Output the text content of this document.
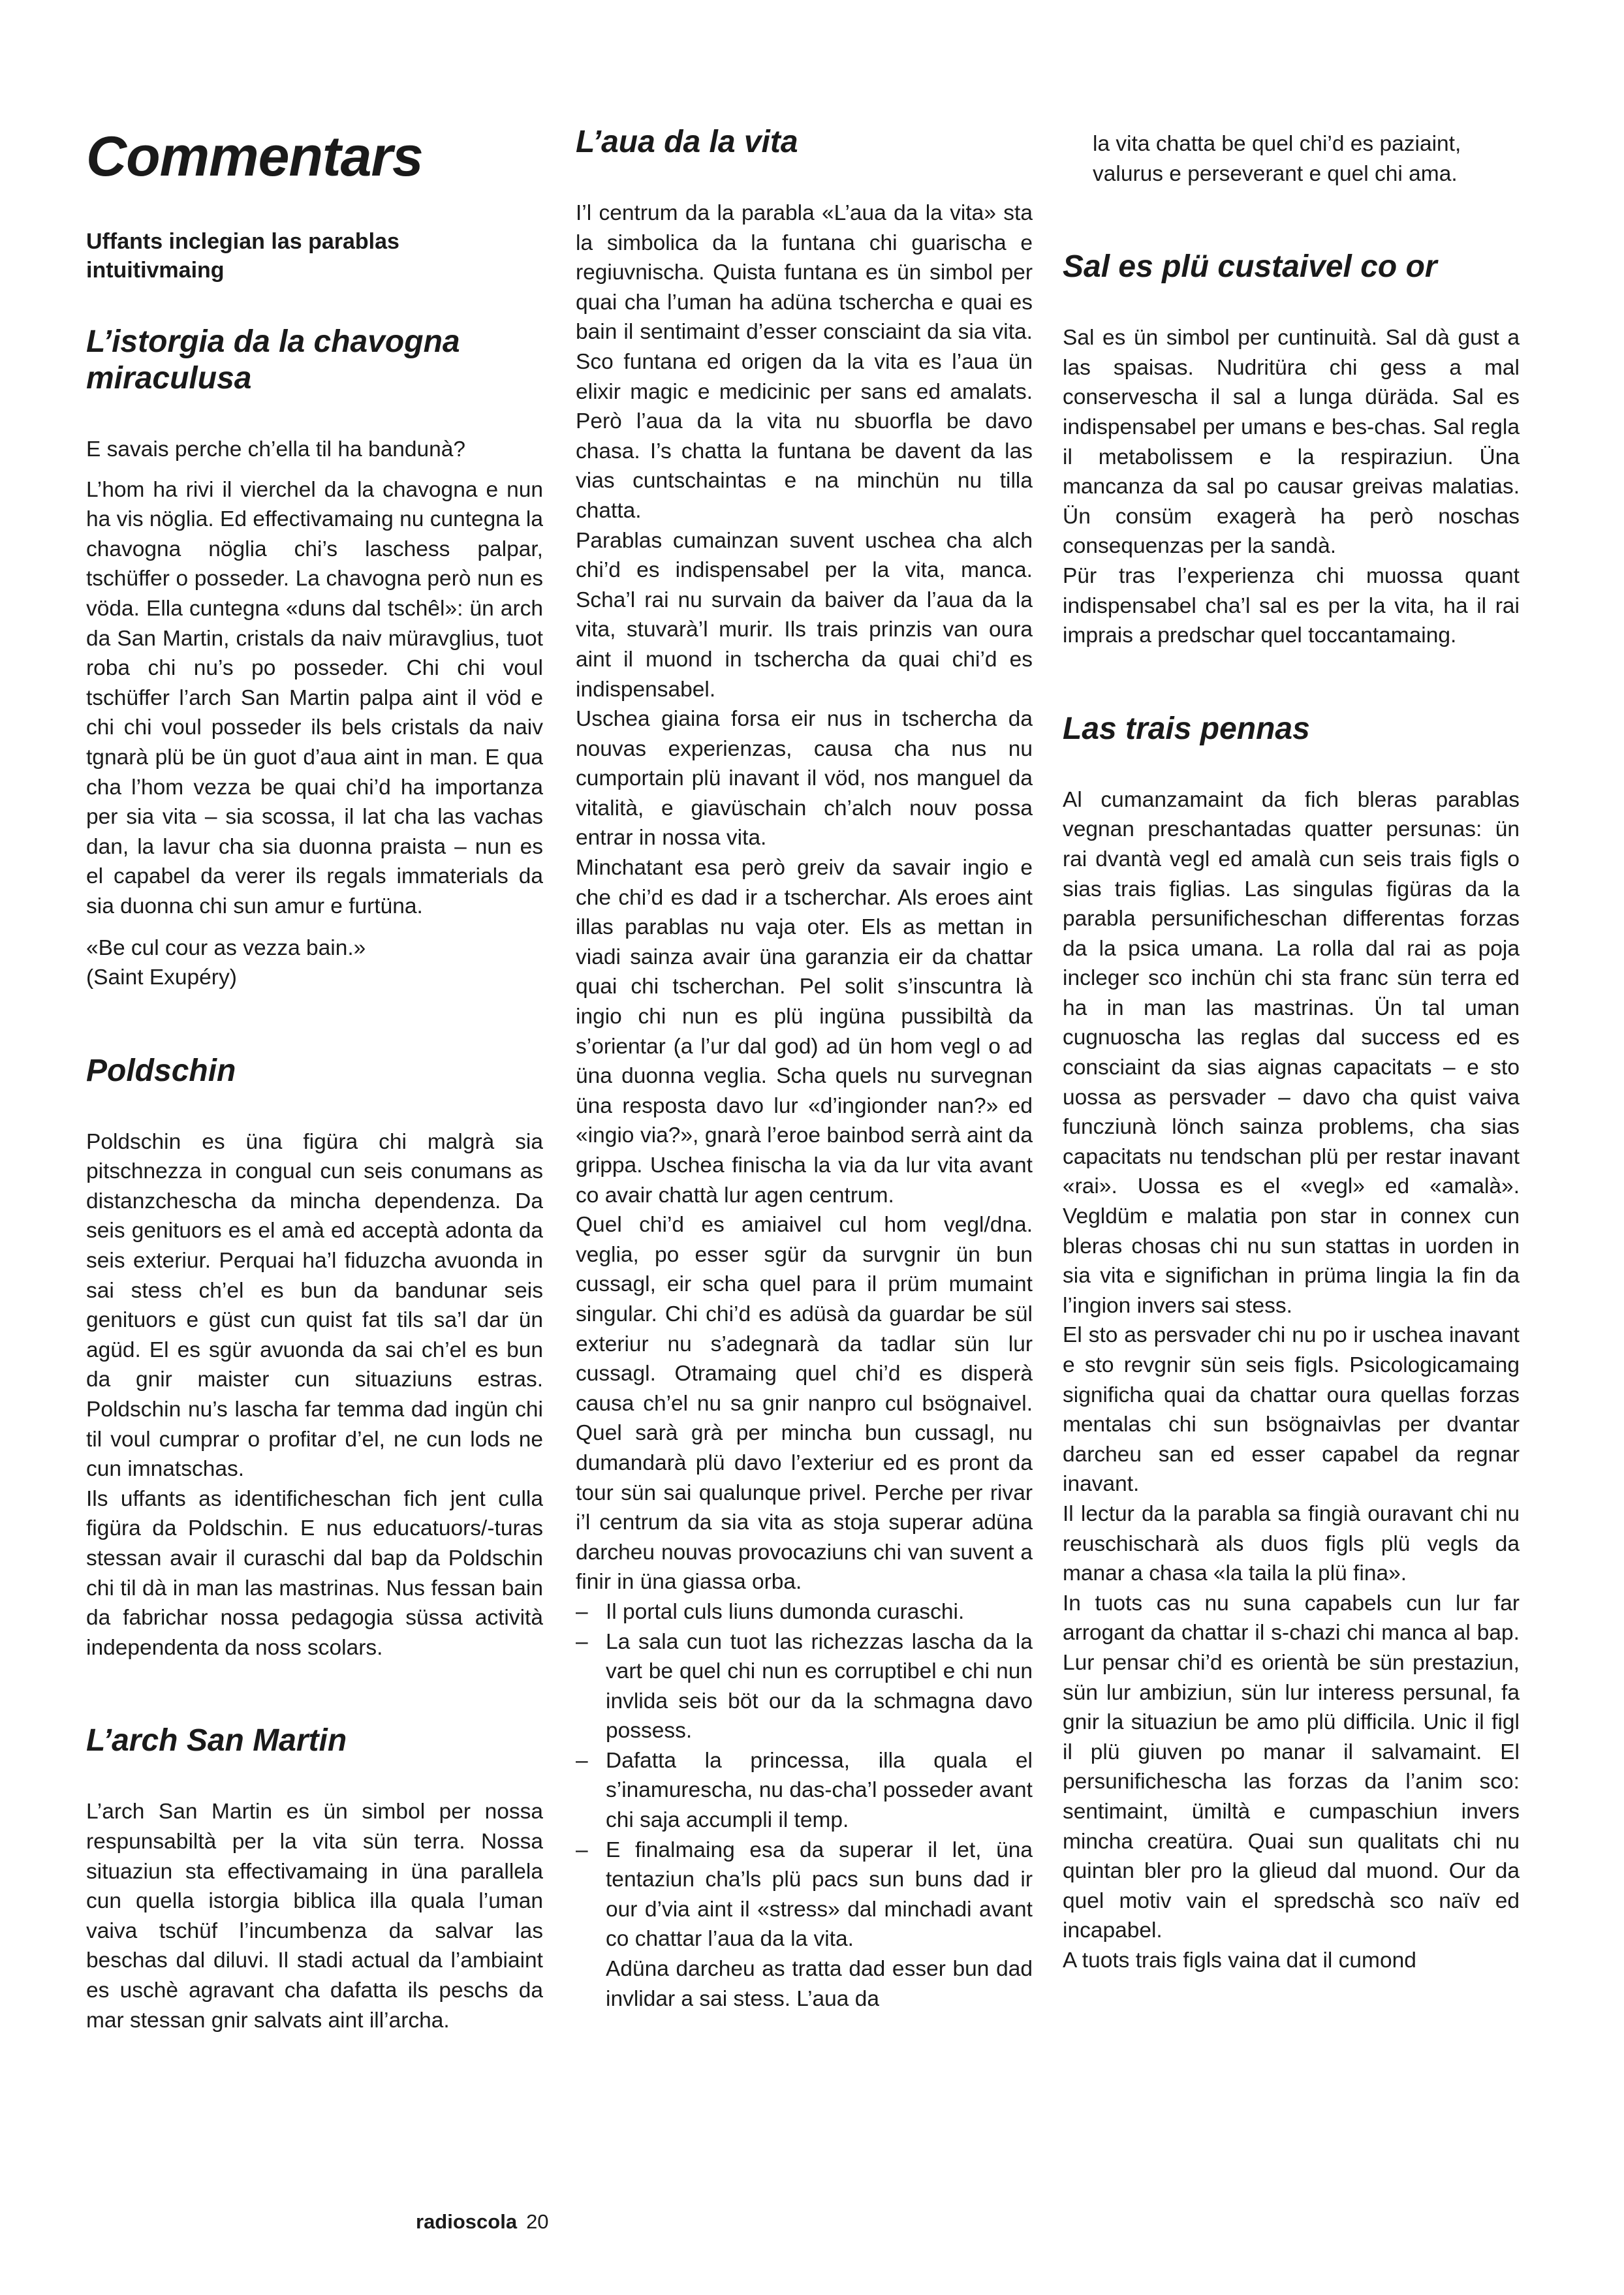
Commentars
Uffants inclegian las parablas intuitivmaing
L’istorgia da la chavogna miraculusa

E savais perche ch’ella til ha bandunà?

L’hom ha rivi il vierchel da la chavogna e nun ha vis nöglia. Ed effectivamaing nu cuntegna la chavogna nöglia chi’s laschess palpar, tschüffer o posseder. La chavogna però nun es vöda. Ella cuntegna «duns dal tschêl»: ün arch da San Martin, cristals da naiv müravglius, tuot roba chi nu’s po posseder. Chi chi voul tschüffer l’arch San Martin palpa aint il vöd e chi chi voul posseder ils bels cristals da naiv tgnarà plü be ün guot d’aua aint in man. E qua cha l’hom vezza be quai chi’d ha importanza per sia vita – sia scossa, il lat cha las vachas dan, la lavur cha sia duonna praista – nun es el capabel da verer ils regals immaterials da sia duonna chi sun amur e furtüna.

«Be cul cour as vezza bain.»
(Saint Exupéry)
Poldschin

Poldschin es üna figüra chi malgrà sia pitschnezza in congual cun seis conumans as distanzchescha da mincha dependenza. Da seis genituors es el amà ed acceptà adonta da seis exteriur. Perquai ha’l fiduzcha avuonda in sai stess ch’el es bun da bandunar seis genituors e güst cun quist fat tils sa’l dar ün agüd. El es sgür avuonda da sai ch’el es bun da gnir maister cun situaziuns estras. Poldschin nu’s lascha far temma dad ingün chi til voul cumprar o profitar d’el, ne cun lods ne cun imnatschas.

Ils uffants as identificheschan fich jent culla figüra da Poldschin. E nus educatuors/-turas stessan avair il curaschi dal bap da Poldschin chi til dà in man las mastrinas. Nus fessan bain da fabrichar nossa pedagogia süssa actività independenta da noss scolars.

L’arch San Martin

L’arch San Martin es ün simbol per nossa respunsabiltà per la vita sün terra. Nossa situaziun sta effectivamaing in üna parallela cun quella istorgia biblica illa quala l’uman vaiva tschüf l’incumbenza da salvar las beschas dal diluvi. Il stadi actual da l’ambiaint es uschè agravant cha dafatta ils peschs da mar stessan gnir salvats aint ill’archa.

L’aua da la vita

I’l centrum da la parabla «L’aua da la vita» sta la simbolica da la funtana chi guarischa e regiuvnischa. Quista funtana es ün simbol per quai cha l’uman ha adüna tschercha e quai es bain il sentimaint d’esser consciaint da sia vita. Sco funtana ed origen da la vita es l’aua ün elixir magic e medicinic per sans ed amalats. Però l’aua da la vita nu sbuorfla be davo chasa. I’s chatta la funtana be davent da las vias cuntschaintas e na minchün nu tilla chatta.

Parablas cumainzan suvent uschea cha alch chi’d es indispensabel per la vita, manca. Scha’l rai nu survain da baiver da l’aua da la vita, stuvarà’l murir. Ils trais prinzis van oura aint il muond in tschercha da quai chi’d es indispensabel.

Uschea giaina forsa eir nus in tschercha da nouvas experienzas, causa cha nus nu cumportain plü inavant il vöd, nos manguel da vitalità, e giavüschain ch’alch nouv possa entrar in nossa vita.

Minchatant esa però greiv da savair ingio e che chi’d es dad ir a tscherchar. Als eroes aint illas parablas nu vaja oter. Els as mettan in viadi sainza avair üna garanzia eir da chattar quai chi tscherchan. Pel solit s’inscuntra là ingio chi nun es plü ingüna pussibiltà da s’orientar (a l’ur dal god) ad ün hom vegl o ad üna duonna veglia. Scha quels nu survegnan üna resposta davo lur «d’ingionder nan?» ed «ingio via?», gnarà l’eroe bainbod serrà aint da grippa. Uschea finischa la via da lur vita avant co avair chattà lur agen centrum.

Quel chi’d es amiaivel cul hom vegl/dna. veglia, po esser sgür da survgnir ün bun cussagl, eir scha quel para il prüm mumaint singular. Chi chi’d es adüsà da guardar be sül exteriur nu s’adegnarà da tadlar sün lur cussagl. Otramaing quel chi’d es disperà causa ch’el nu sa gnir nanpro cul bsögnaivel. Quel sarà grà per mincha bun cussagl, nu dumandarà plü davo l’exteriur ed es pront da tour sün sai qualunque privel. Perche per rivar i’l centrum da sia vita as stoja superar adüna darcheu nouvas provocaziuns chi van suvent a finir in üna giassa orba.

– Il portal culs liuns dumonda curaschi.
– La sala cun tuot las richezzas lascha da la vart be quel chi nun es corruptibel e chi nun invlida seis böt our da la schmagna davo possess.
– Dafatta la princessa, illa quala el s’inamurescha, nu das-cha’l posseder avant chi saja accumpli il temp.
– E finalmaing esa da superar il let, üna tentaziun cha’ls plü pacs sun buns dad ir our d’via aint il «stress» dal minchadi avant co chattar l’aua da la vita.

Adüna darcheu as tratta dad esser bun dad invlidar a sai stess. L’aua da

la vita chatta be quel chi’d es paziaint, valurus e perseverant e quel chi ama.

Sal es plü custaivel co or

Sal es ün simbol per cuntinuità. Sal dà gust a las spaisas. Nudritüra chi gess a mal conservescha il sal a lunga düräda. Sal es indispensabel per umans e bes-chas. Sal regla il metabolissem e la respiraziun. Üna mancanza da sal po causar greivas malatias. Ün consüm exagerà ha però noschas consequenzas per la sandà.

Pür tras l’experienza chi muossa quant indispensabel cha’l sal es per la vita, ha il rai imprais a predschar quel toccantamaing.

Las trais pennas

Al cumanzamaint da fich bleras parablas vegnan preschantadas quatter persunas: ün rai dvantà vegl ed amalà cun seis trais figls o sias trais figlias. Las singulas figüras da la parabla persunificheschan differentas forzas da la psica umana. La rolla dal rai as poja incleger sco inchün chi sta franc sün terra ed ha in man las mastrinas. Ün tal uman cugnuoscha las reglas dal success ed es consciaint da sias aignas capacitats – e sto uossa as persvader – davo cha quist vaiva funcziunà lönch sainza problems, cha sias capacitats nu tendschan plü per restar inavant «rai». Uossa es el «vegl» ed «amalà». Vegldüm e malatia pon star in connex cun bleras chosas chi nu sun stattas in uorden in sia vita e significhan in prüma lingia la fin da l’ingion invers sai stess.

El sto as persvader chi nu po ir uschea inavant e sto revgnir sün seis figls. Psicologicamaing significha quai da chattar oura quellas forzas mentalas chi sun bsögnaivlas per dvantar darcheu san ed esser capabel da regnar inavant.

Il lectur da la parabla sa fingià ouravant chi nu reuschischarà als duos figls plü vegls da manar a chasa «la taila la plü fina».

In tuots cas nu suna capabels cun lur far arrogant da chattar il s-chazi chi manca al bap. Lur pensar chi’d es orientà be sün prestaziun, sün lur ambiziun, sün lur interess persunal, fa gnir la situaziun be amo plü difficila. Unic il figl il plü giuven po manar il salvamaint. El persunifichescha las forzas da l’anim sco: sentimaint, ümiltà e cumpaschiun invers mincha creatüra. Quai sun qualitats chi nu quintan bler pro la glieud dal muond. Our da quel motiv vain el spredschà sco naïv ed incapabel.

A tuots trais figls vaina dat il cumond

radioscola 20
